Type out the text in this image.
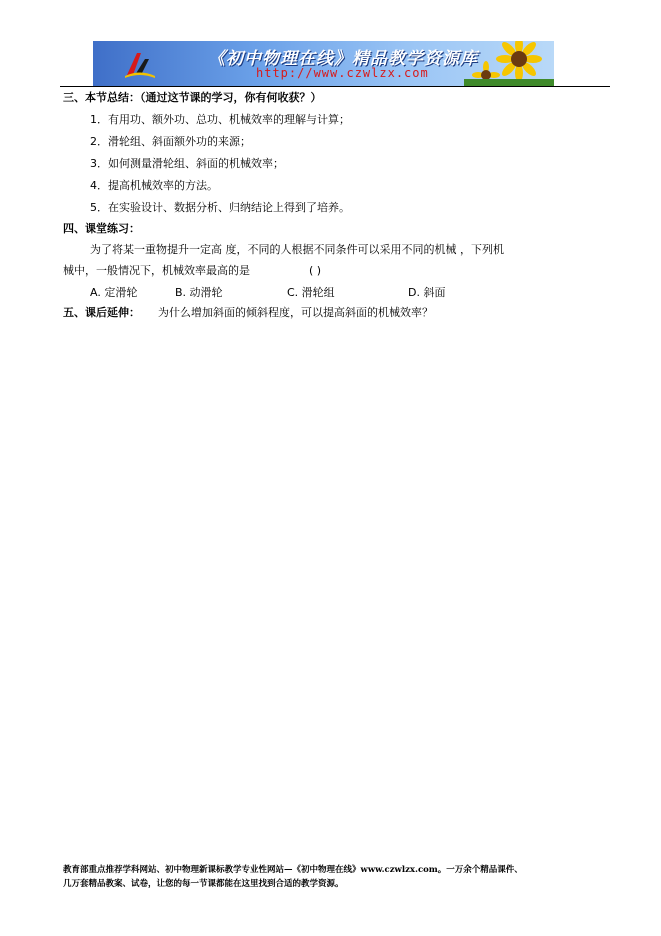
《初中物理在线》精品教学资源库
http://www.czwlzx.com
三、本节总结：（通过这节课的学习，你有何收获？）
1．有用功、额外功、总功、机械效率的理解与计算；
2．滑轮组、斜面额外功的来源；
3．如何测量滑轮组、斜面的机械效率；
4．提高机械效率的方法。
5．在实验设计、数据分析、归纳结论上得到了培养。
四、课堂练习：
为了将某一重物提升一定高 度，不同的人根据不同条件可以采用不同的机械 ，下列机
械中，一般情况下，机械效率最高的是	( )
A. 定滑轮	B. 动滑轮	C. 滑轮组	D. 斜面
五、课后延伸： 为什么增加斜面的倾斜程度，可以提高斜面的机械效率？
教育部重点推荐学科网站、初中物理新课标教学专业性网站—《初中物理在线》www.czwlzx.com。一万余个精品课件、
几万套精品教案、试卷，让您的每一节课都能在这里找到合适的教学资源。
